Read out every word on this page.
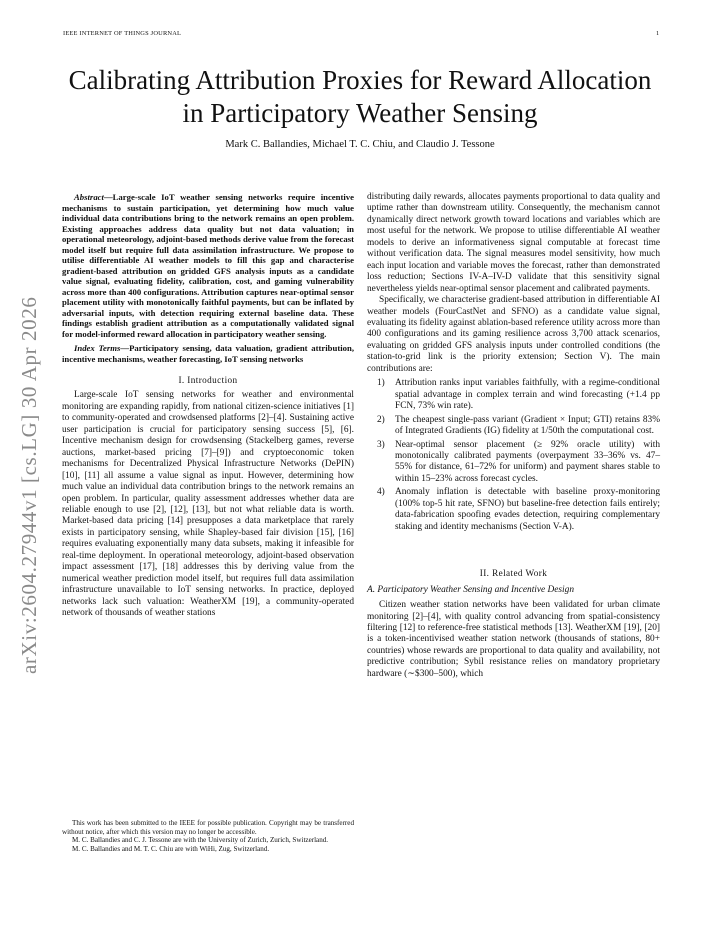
IEEE INTERNET OF THINGS JOURNAL	1
Calibrating Attribution Proxies for Reward Allocation in Participatory Weather Sensing
Mark C. Ballandies, Michael T. C. Chiu, and Claudio J. Tessone
arXiv:2604.27944v1 [cs.LG] 30 Apr 2026

Abstract—Large-scale IoT weather sensing networks require incentive mechanisms to sustain participation, yet determining how much value individual data contributions bring to the network remains an open problem. Existing approaches address data quality but not data valuation; in operational meteorology, adjoint-based methods derive value from the forecast model itself but require full data assimilation infrastructure. We propose to utilise differentiable AI weather models to fill this gap and characterise gradient-based attribution on gridded GFS analysis inputs as a candidate value signal, evaluating fidelity, calibration, cost, and gaming vulnerability across more than 400 configurations. Attribution captures near-optimal sensor placement utility with monotonically faithful payments, but can be inflated by adversarial inputs, with detection requiring external baseline data. These findings establish gradient attribution as a computationally validated signal for model-informed reward allocation in participatory weather sensing.

Index Terms—Participatory sensing, data valuation, gradient attribution, incentive mechanisms, weather forecasting, IoT sensing networks

I. Introduction

Large-scale IoT sensing networks for weather and environmental monitoring are expanding rapidly, from national citizen-science initiatives [1] to community-operated and crowdsensed platforms [2]–[4]. Sustaining active user participation is crucial for participatory sensing success [5], [6]. Incentive mechanism design for crowdsensing (Stackelberg games, reverse auctions, market-based pricing [7]–[9]) and cryptoeconomic token mechanisms for Decentralized Physical Infrastructure Networks (DePIN) [10], [11] all assume a value signal as input. However, determining how much value an individual data contribution brings to the network remains an open problem. In particular, quality assessment addresses whether data are reliable enough to use [2], [12], [13], but not what reliable data is worth. Market-based data pricing [14] presupposes a data marketplace that rarely exists in participatory sensing, while Shapley-based fair division [15], [16] requires evaluating exponentially many data subsets, making it infeasible for real-time deployment. In operational meteorology, adjoint-based observation impact assessment [17], [18] addresses this by deriving value from the numerical weather prediction model itself, but requires full data assimilation infrastructure unavailable to IoT sensing networks. In practice, deployed networks lack such valuation: WeatherXM [19], a community-operated network of thousands of weather stations

This work has been submitted to the IEEE for possible publication. Copyright may be transferred without notice, after which this version may no longer be accessible.

M. C. Ballandies and C. J. Tessone are with the University of Zurich, Zurich, Switzerland.

M. C. Ballandies and M. T. C. Chiu are with WiHi, Zug, Switzerland.

distributing daily rewards, allocates payments proportional to data quality and uptime rather than downstream utility. Consequently, the mechanism cannot dynamically direct network growth toward locations and variables which are most useful for the network. We propose to utilise differentiable AI weather models to derive an informativeness signal computable at forecast time without verification data. The signal measures model sensitivity, how much each input location and variable moves the forecast, rather than demonstrated loss reduction; Sections IV-A–IV-D validate that this sensitivity signal nevertheless yields near-optimal sensor placement and calibrated payments.

Specifically, we characterise gradient-based attribution in differentiable AI weather models (FourCastNet and SFNO) as a candidate value signal, evaluating its fidelity against ablation-based reference utility across more than 400 configurations and its gaming resilience across 3,700 attack scenarios, evaluating on gridded GFS analysis inputs under controlled conditions (the station-to-grid link is the priority extension; Section V). The main contributions are:

1) Attribution ranks input variables faithfully, with a regime-conditional spatial advantage in complex terrain and wind forecasting (+1.4 pp FCN, 73% win rate).
2) The cheapest single-pass variant (Gradient × Input; GTI) retains 83% of Integrated Gradients (IG) fidelity at 1/50th the computational cost.
3) Near-optimal sensor placement (≥ 92% oracle utility) with monotonically calibrated payments (overpayment 33–36% vs. 47–55% for distance, 61–72% for uniform) and payment shares stable to within 15–23% across forecast cycles.
4) Anomaly inflation is detectable with baseline proxy-monitoring (100% top-5 hit rate, SFNO) but baseline-free detection fails entirely; data-fabrication spoofing evades detection, requiring complementary staking and identity mechanisms (Section V-A).
II. Related Work

A. Participatory Weather Sensing and Incentive Design

Citizen weather station networks have been validated for urban climate monitoring [2]–[4], with quality control advancing from spatial-consistency filtering [12] to reference-free statistical methods [13]. WeatherXM [19], [20] is a token-incentivised weather station network (thousands of stations, 80+ countries) whose rewards are proportional to data quality and availability, not predictive contribution; Sybil resistance relies on mandatory proprietary hardware (∼$300–500), which
